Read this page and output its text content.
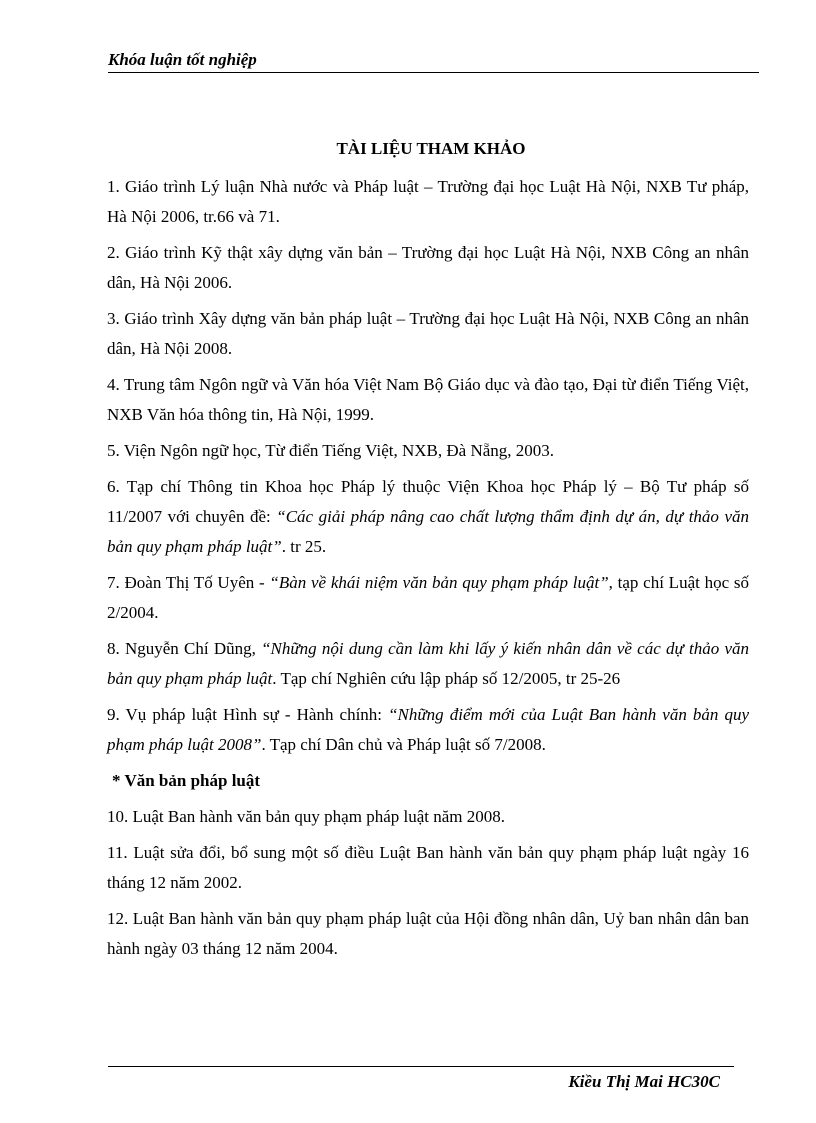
Khóa luận tốt nghiệp
TÀI LIỆU THAM KHẢO

1. Giáo trình Lý luận Nhà nước và Pháp luật – Trường đại học Luật Hà Nội, NXB Tư pháp, Hà Nội 2006, tr.66 và 71.

2. Giáo trình Kỹ thật xây dựng văn bản – Trường đại học Luật Hà Nội, NXB Công an nhân dân, Hà Nội 2006.

3. Giáo trình Xây dựng văn bản pháp luật – Trường đại học Luật Hà Nội, NXB Công an nhân dân, Hà Nội 2008.

4. Trung tâm Ngôn ngữ và Văn hóa Việt Nam Bộ Giáo dục và đào tạo, Đại từ điển Tiếng Việt, NXB Văn hóa thông tin, Hà Nội, 1999.

5. Viện Ngôn ngữ học, Từ điển Tiếng Việt, NXB, Đà Nẵng, 2003.

6. Tạp chí Thông tin Khoa học Pháp lý thuộc Viện Khoa học Pháp lý – Bộ Tư pháp số 11/2007 với chuyên đề: “Các giải pháp nâng cao chất lượng thẩm định dự án, dự thảo văn bản quy phạm pháp luật”. tr 25.

7. Đoàn Thị Tố Uyên - “Bàn về khái niệm văn bản quy phạm pháp luật”, tạp chí Luật học số 2/2004.

8. Nguyễn Chí Dũng, “Những nội dung cần làm khi lấy ý kiến nhân dân về các dự thảo văn bản quy phạm pháp luật. Tạp chí Nghiên cứu lập pháp số 12/2005, tr 25-26

9. Vụ pháp luật Hình sự - Hành chính: “Những điểm mới của Luật Ban hành văn bản quy phạm pháp luật 2008”. Tạp chí Dân chủ và Pháp luật số 7/2008.

* Văn bản pháp luật

10. Luật Ban hành văn bản quy phạm pháp luật năm 2008.

11. Luật sửa đổi, bổ sung một số điều Luật Ban hành văn bản quy phạm pháp luật ngày 16 tháng 12 năm 2002.

12. Luật Ban hành văn bản quy phạm pháp luật của Hội đồng nhân dân, Uỷ ban nhân dân ban hành ngày 03 tháng 12 năm 2004.

Kiều Thị Mai HC30C
